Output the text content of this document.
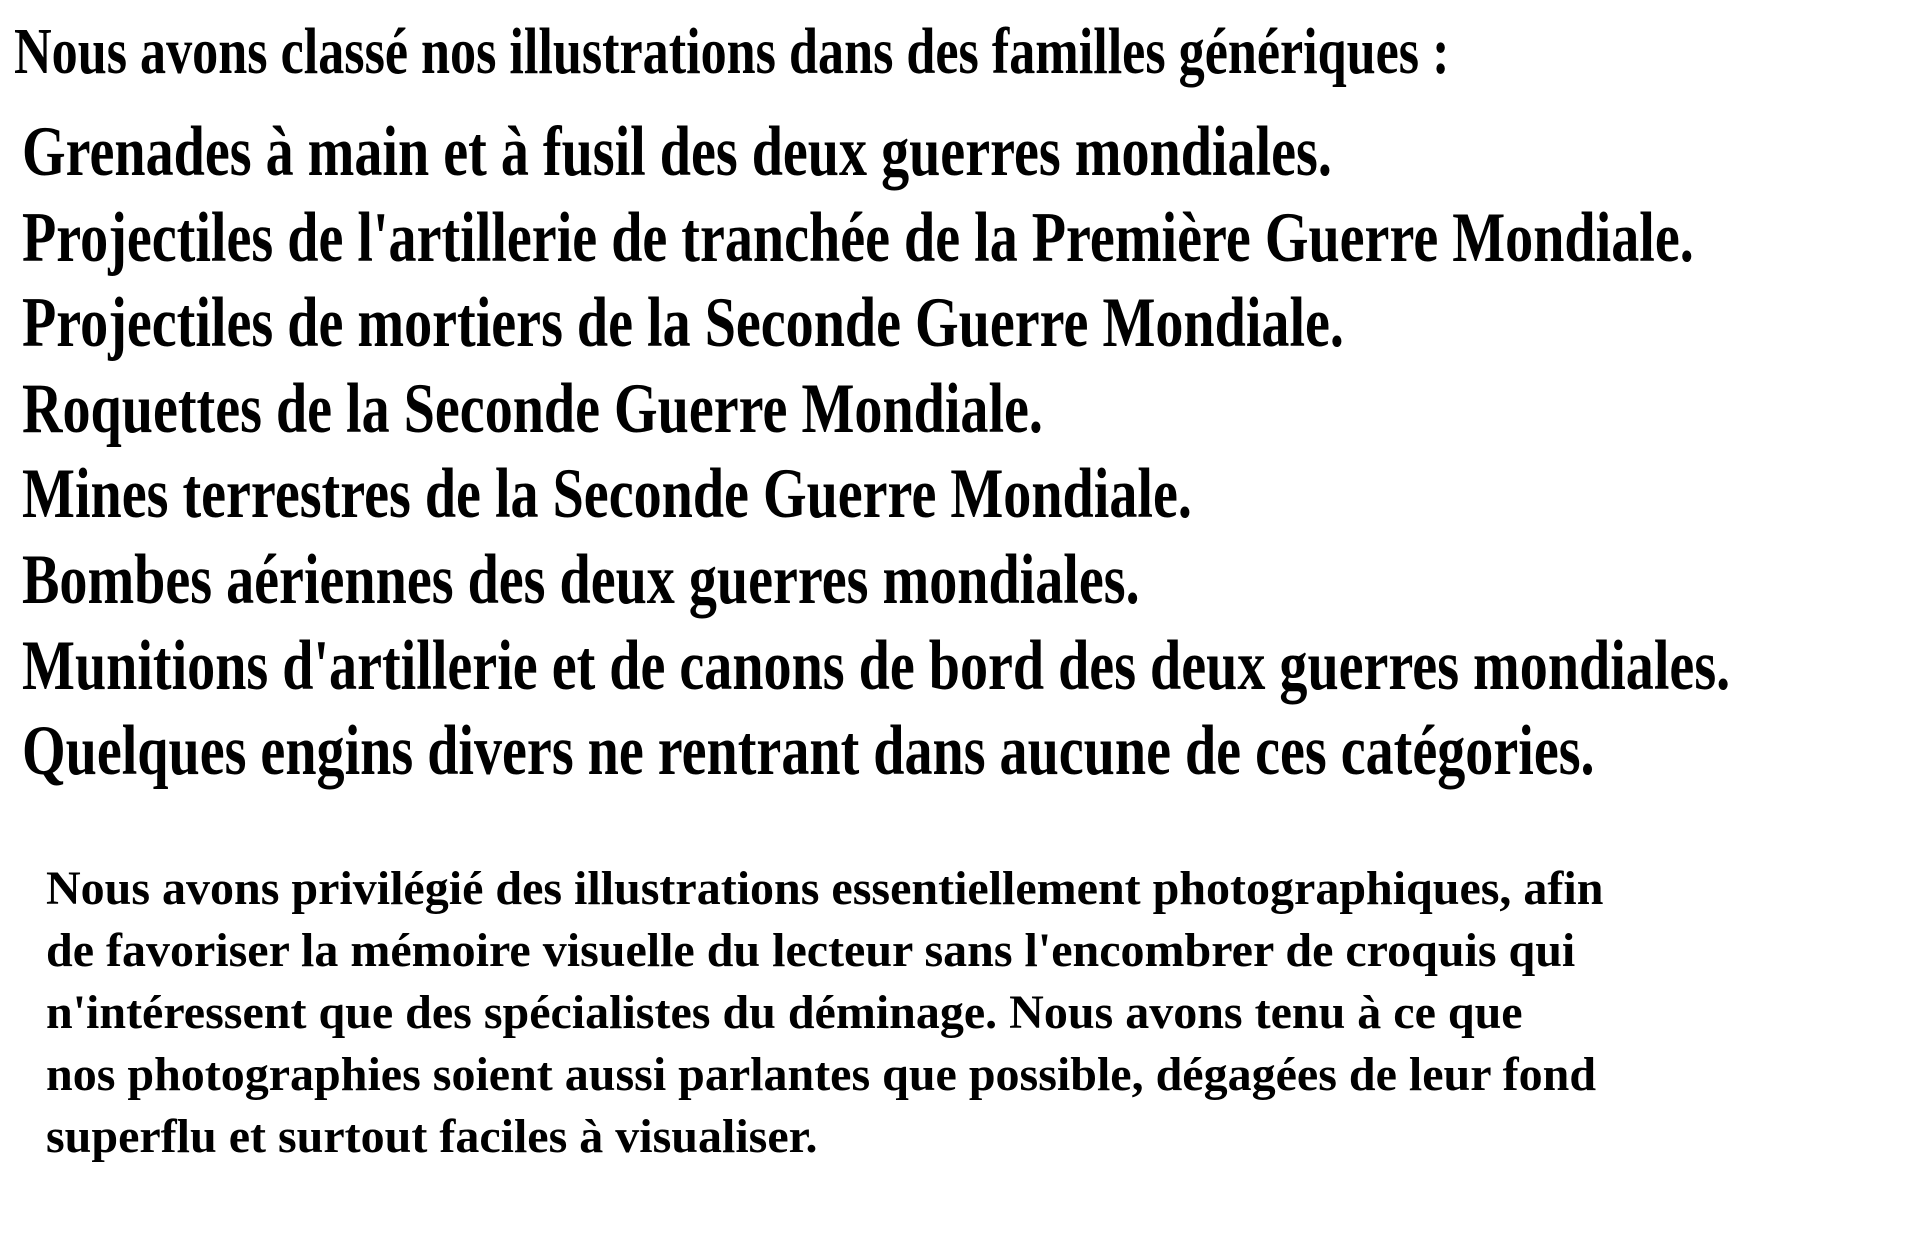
Nous avons classé nos illustrations dans des familles génériques :
Grenades à main et à fusil des deux guerres mondiales.
Projectiles de l'artillerie de tranchée de la Première Guerre Mondiale.
Projectiles de mortiers de la Seconde Guerre Mondiale.
Roquettes de la Seconde Guerre Mondiale.
Mines terrestres de la Seconde Guerre Mondiale.
Bombes aériennes des deux guerres mondiales.
Munitions d'artillerie et de canons de bord des deux guerres mondiales.
Quelques engins divers ne rentrant dans aucune de ces catégories.
Nous avons privilégié des illustrations essentiellement photographiques, afin
de favoriser la mémoire visuelle du lecteur sans l'encombrer de croquis qui
n'intéressent que des spécialistes du déminage. Nous avons tenu à ce que
nos photographies soient aussi parlantes que possible, dégagées de leur fond
superflu et surtout faciles à visualiser.
